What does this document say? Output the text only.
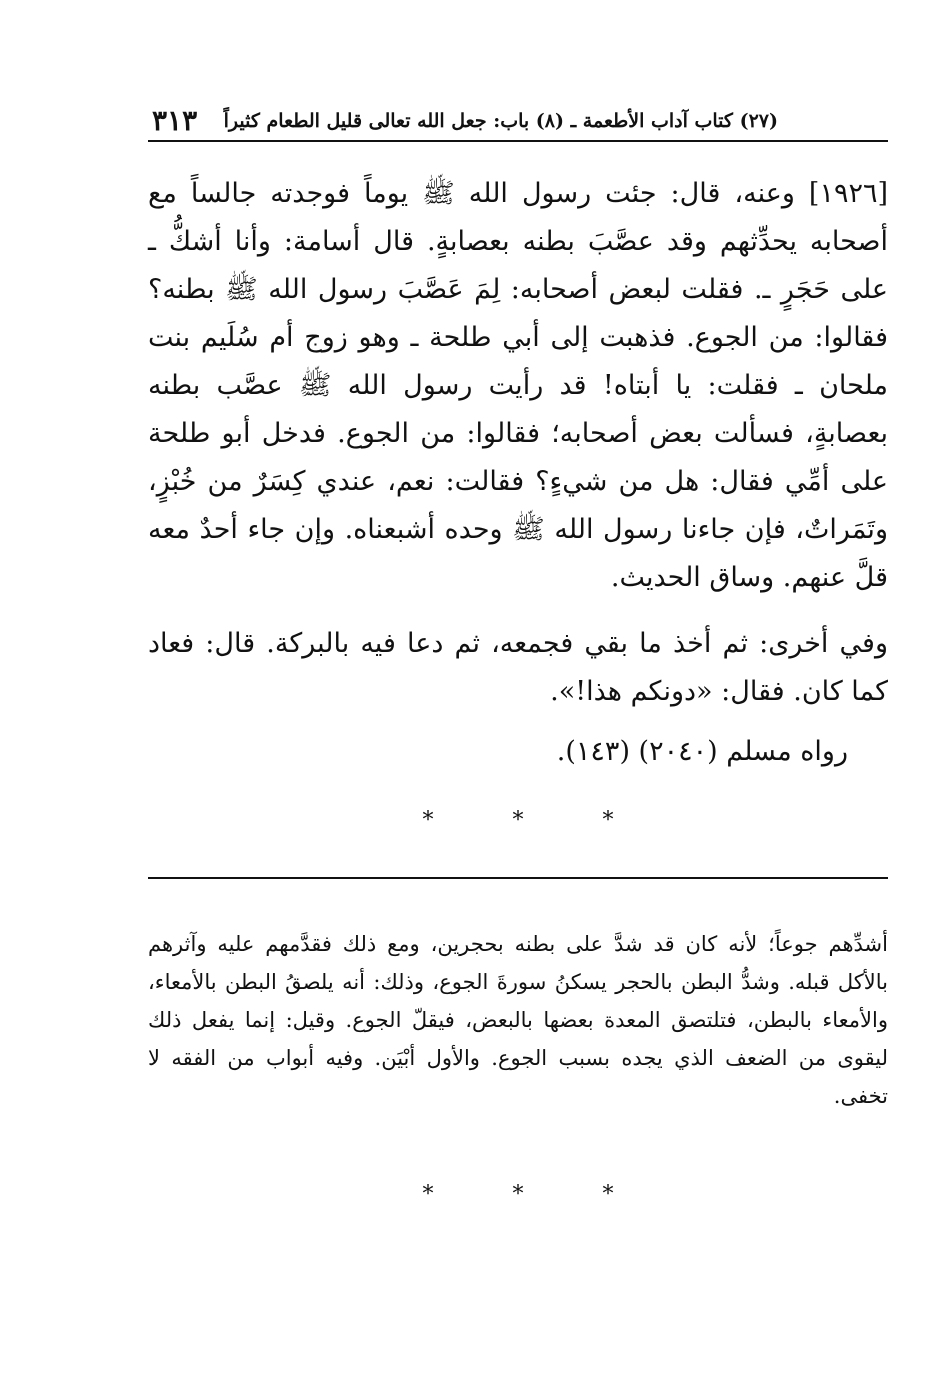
(٢٧) كتاب آداب الأطعمة ـ (٨) باب: جعل الله تعالى قليل الطعام كثيراً
٣١٣

[١٩٢٦] وعنه، قال: جئت رسول الله ﷺ يوماً فوجدته جالساً مع أصحابه يحدِّثهم وقد عصَّبَ بطنه بعصابةٍ. قال أسامة: وأنا أشكُّ ـ على حَجَرٍ ـ. فقلت لبعض أصحابه: لِمَ عَصَّبَ رسول الله ﷺ بطنه؟ فقالوا: من الجوع. فذهبت إلى أبي طلحة ـ وهو زوج أم سُلَيم بنت ملحان ـ فقلت: يا أبتاه! قد رأيت رسول الله ﷺ عصَّب بطنه بعصابةٍ، فسألت بعض أصحابه؛ فقالوا: من الجوع. فدخل أبو طلحة على أمِّي فقال: هل من شيءٍ؟ فقالت: نعم، عندي كِسَرٌ من خُبْزٍ، وتَمَراتٌ، فإن جاءنا رسول الله ﷺ وحده أشبعناه. وإن جاء أحدٌ معه قلَّ عنهم. وساق الحديث.

وفي أخرى: ثم أخذ ما بقي فجمعه، ثم دعا فيه بالبركة. قال: فعاد كما كان. فقال: «دونكم هذا!».

رواه مسلم (٢٠٤٠) (١٤٣).

*	*	*

أشدِّهم جوعاً؛ لأنه كان قد شدَّ على بطنه بحجرين، ومع ذلك فقدَّمهم عليه وآثرهم بالأكل قبله. وشدُّ البطن بالحجر يسكنُ سورةَ الجوع، وذلك: أنه يلصقُ البطن بالأمعاء، والأمعاء بالبطن، فتلتصق المعدة بعضها بالبعض، فيقلّ الجوع. وقيل: إنما يفعل ذلك ليقوى من الضعف الذي يجده بسبب الجوع. والأول أبْيَن. وفيه أبواب من الفقه لا تخفى.

*	*	*
